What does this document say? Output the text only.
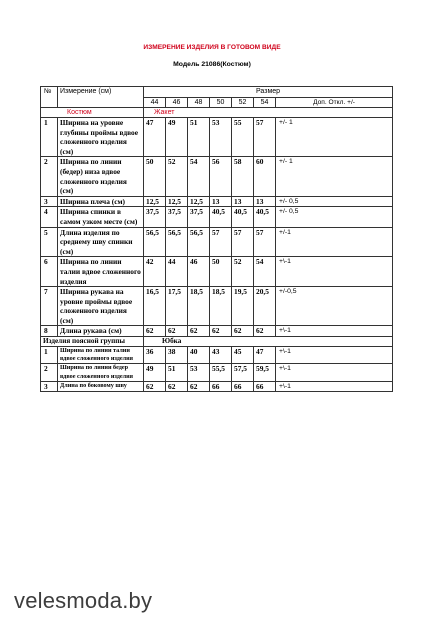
ИЗМЕРЕНИЕ ИЗДЕЛИЯ В ГОТОВОМ ВИДЕ
Модель 21086(Костюм)
№	Измерение (см)	Размер						
		44	46	48	50	52	54	Доп. Откл. +/-
Костюм		Жакет						
1	Ширина на уровне глубины проймы вдвое сложенного изделия (см)	47	49	51	53	55	57	+/- 1
2	Ширина по линии (бедер) низа вдвое сложенного изделия (см)	50	52	54	56	58	60	+/- 1
3	Ширина плеча (см)	12,5	12,5	12,5	13	13	13	+/- 0,5
4	Ширина спинки в самом узком месте (см)	37,5	37,5	37,5	40,5	40,5	40,5	+/- 0,5
5	Длина изделия по среднему шву спинки (см)	56,5	56,5	56,5	57	57	57	+/-1
6	Ширина по линии талии вдвое сложенного изделия	42	44	46	50	52	54	+\-1
7	Ширина рукава на уровне проймы вдвое сложенного изделия (см)	16,5	17,5	18,5	18,5	19,5	20,5	+/-0,5
8	Длина рукава (см)	62	62	62	62	62	62	+\-1
Изделия поясной группы		Юбка						
1	Ширина по линии талии вдвое сложенного изделия	36	38	40	43	45	47	+\-1
2	Ширина по линии бедер вдвое сложенного изделия	49	51	53	55,5	57,5	59,5	+\-1
3	Длина по боковому шву	62	62	62	66	66	66	+\-1
velesmoda.by
